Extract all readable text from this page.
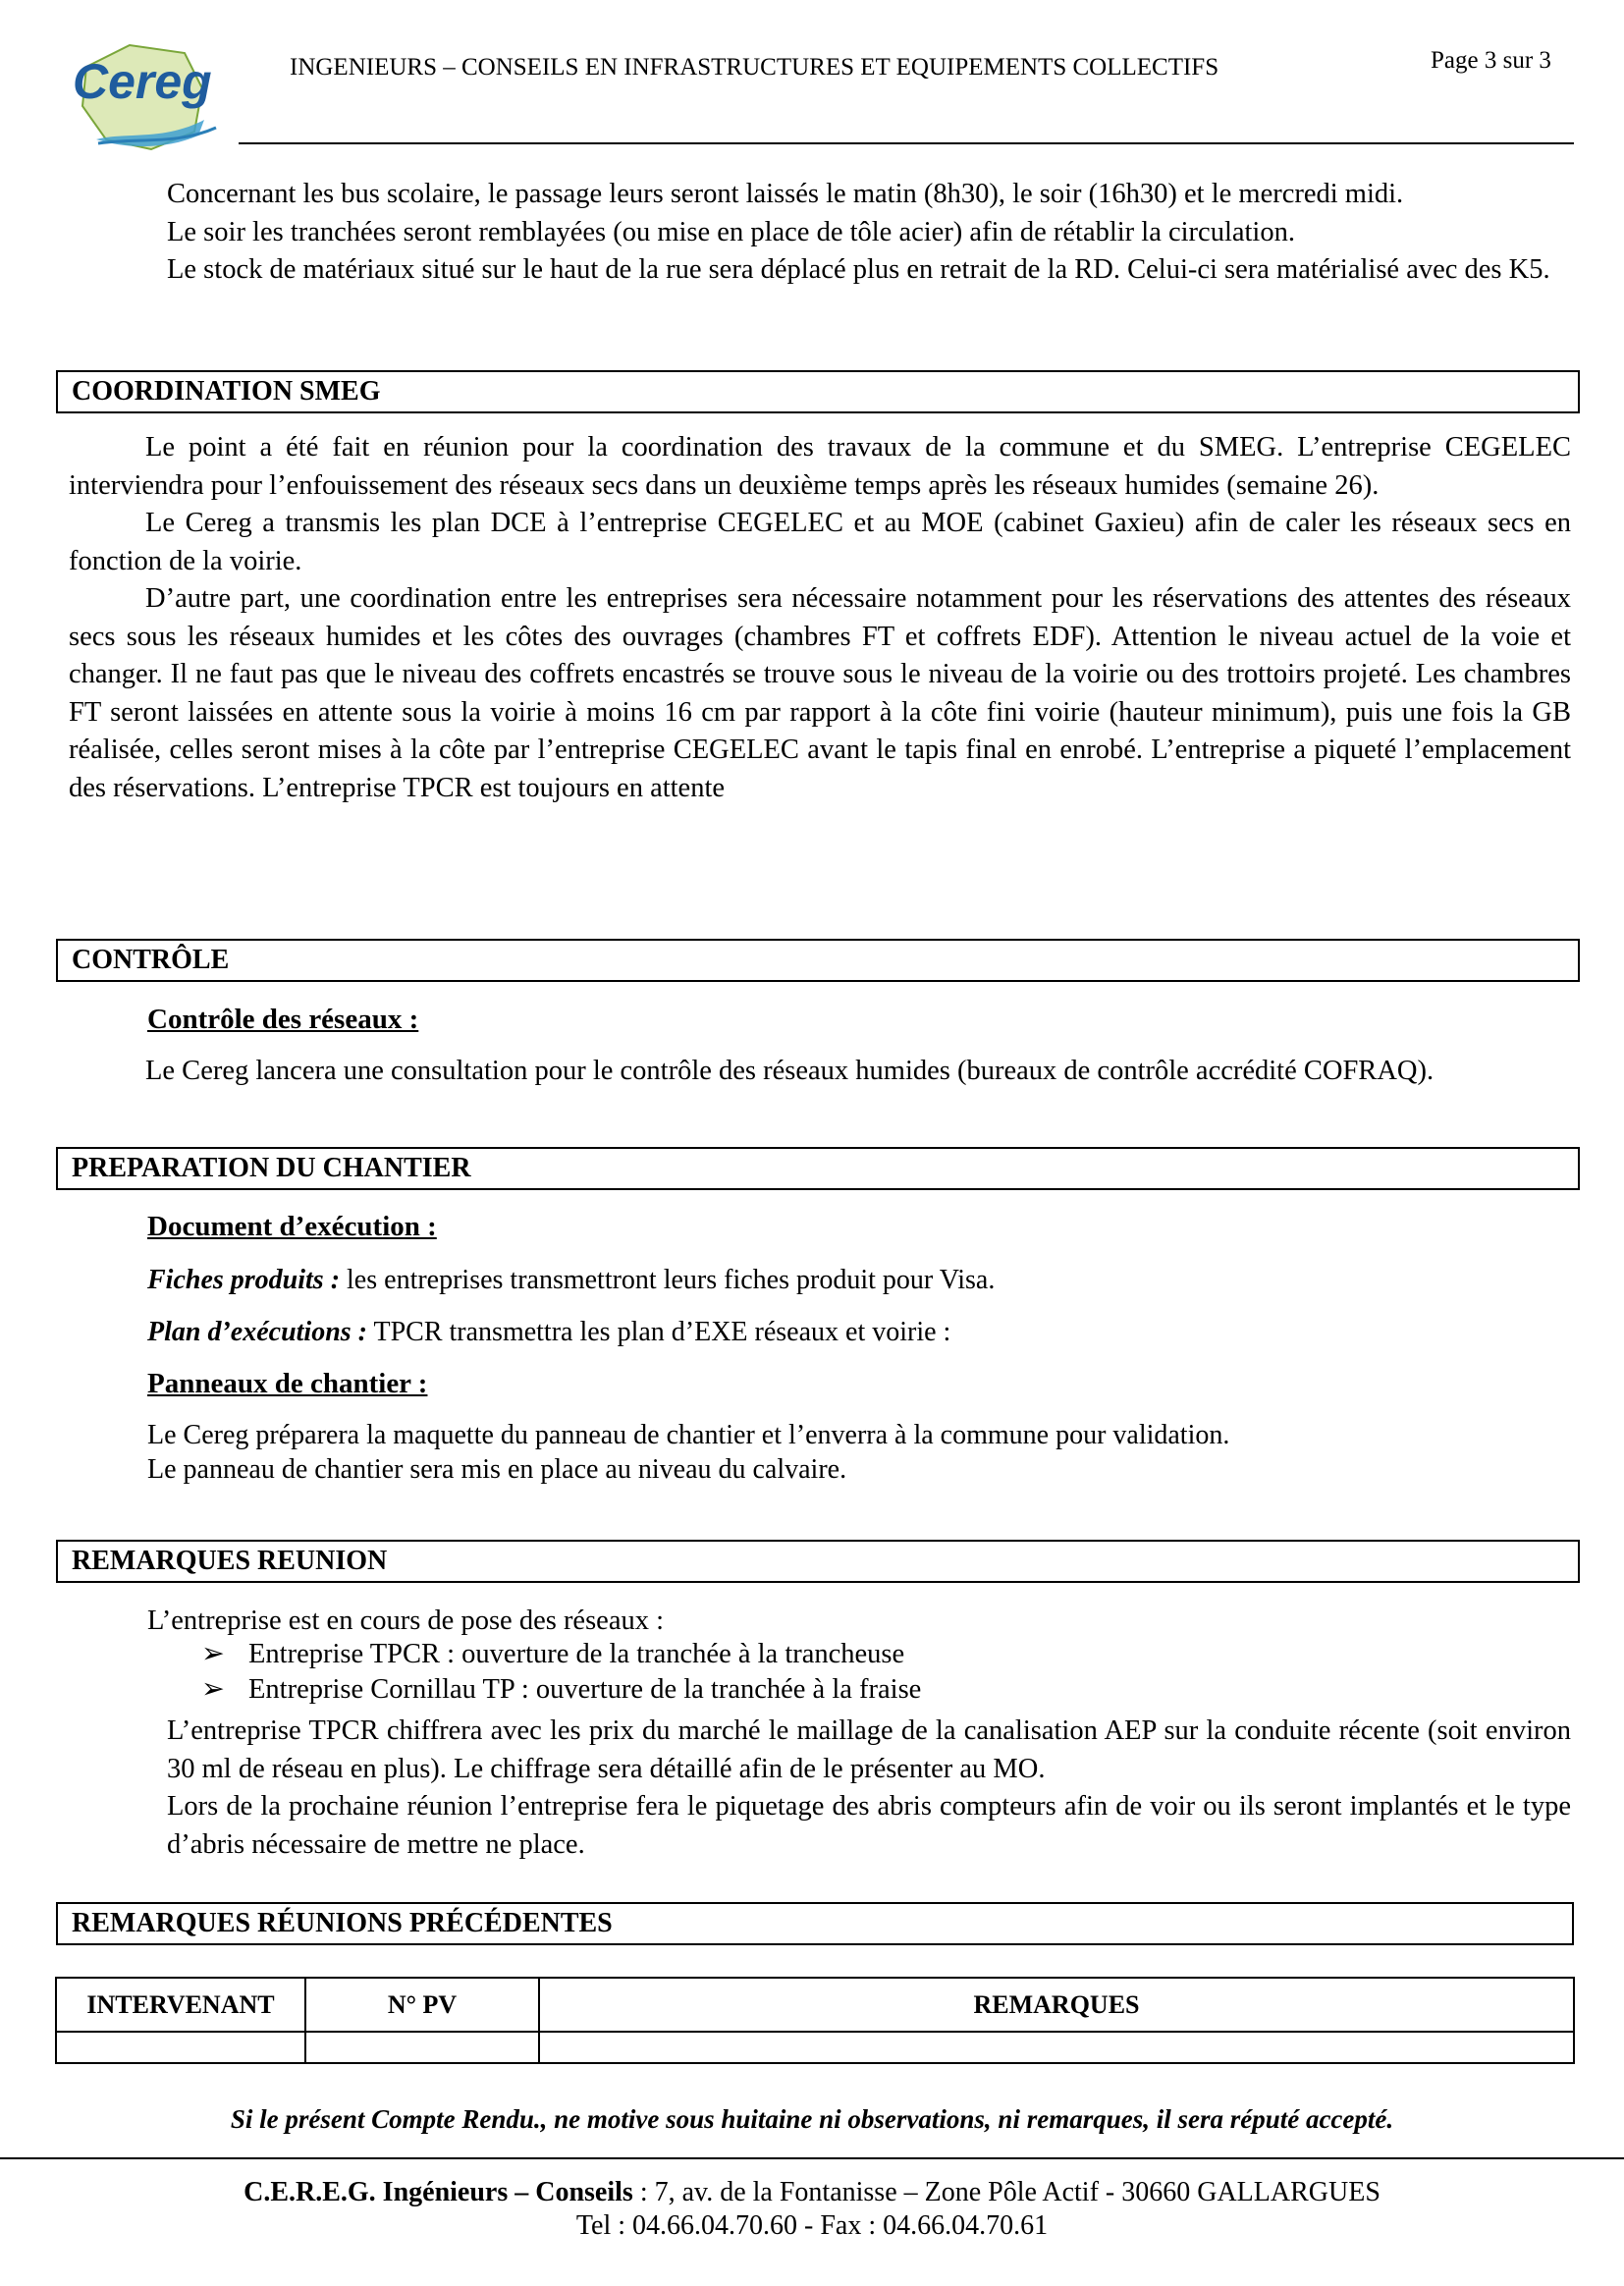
Cereg	INGENIEURS – CONSEILS EN INFRASTRUCTURES ET EQUIPEMENTS COLLECTIFS	Page 3 sur 3

Concernant les bus scolaire, le passage leurs seront laissés le matin (8h30), le soir (16h30) et le mercredi midi.

Le soir les tranchées seront remblayées (ou mise en place de tôle acier) afin de rétablir la circulation.

Le stock de matériaux situé sur le haut de la rue sera déplacé plus en retrait de la RD. Celui-ci sera matérialisé avec des K5.

COORDINATION SMEG

Le point a été fait en réunion pour la coordination des travaux de la commune et du SMEG. L’entreprise CEGELEC interviendra pour l’enfouissement des réseaux secs dans un deuxième temps après les réseaux humides (semaine 26).

Le Cereg a transmis les plan DCE à l’entreprise CEGELEC et au MOE (cabinet Gaxieu) afin de caler les réseaux secs en fonction de la voirie.

D’autre part, une coordination entre les entreprises sera nécessaire notamment pour les réservations des attentes des réseaux secs sous les réseaux humides et les côtes des ouvrages (chambres FT et coffrets EDF). Attention le niveau actuel de la voie et changer. Il ne faut pas que le niveau des coffrets encastrés se trouve sous le niveau de la voirie ou des trottoirs projeté. Les chambres FT seront laissées en attente sous la voirie à moins 16 cm par rapport à la côte fini voirie (hauteur minimum), puis une fois la GB réalisée, celles seront mises à la côte par l’entreprise CEGELEC avant le tapis final en enrobé. L’entreprise a piqueté l’emplacement des réservations. L’entreprise TPCR est toujours en attente

CONTRÔLE
Contrôle des réseaux :

Le Cereg lancera une consultation pour le contrôle des réseaux humides (bureaux de contrôle accrédité COFRAQ).

PREPARATION DU CHANTIER
Document d’exécution :
Fiches produits : les entreprises transmettront leurs fiches produit pour Visa.
Plan d’exécutions : TPCR transmettra les plan d’EXE réseaux et voirie :
Panneaux de chantier :
Le Cereg préparera la maquette du panneau de chantier et l’enverra à la commune pour validation.
Le panneau de chantier sera mis en place au niveau du calvaire.
REMARQUES REUNION
L’entreprise est en cours de pose des réseaux :
➢ Entreprise TPCR : ouverture de la tranchée à la trancheuse
➢ Entreprise Cornillau TP : ouverture de la tranchée à la fraise

L’entreprise TPCR chiffrera avec les prix du marché le maillage de la canalisation AEP sur la conduite récente (soit environ 30 ml de réseau en plus). Le chiffrage sera détaillé afin de le présenter au MO.

Lors de la prochaine réunion l’entreprise fera le piquetage des abris compteurs afin de voir ou ils seront implantés et le type d’abris nécessaire de mettre ne place.

REMARQUES RÉUNIONS PRÉCÉDENTES
INTERVENANT	N° PV	REMARQUES

Si le présent Compte Rendu., ne motive sous huitaine ni observations, ni remarques, il sera réputé accepté.
C.E.R.E.G. Ingénieurs – Conseils : 7, av. de la Fontanisse – Zone Pôle Actif - 30660 GALLARGUES
Tel : 04.66.04.70.60 - Fax : 04.66.04.70.61
